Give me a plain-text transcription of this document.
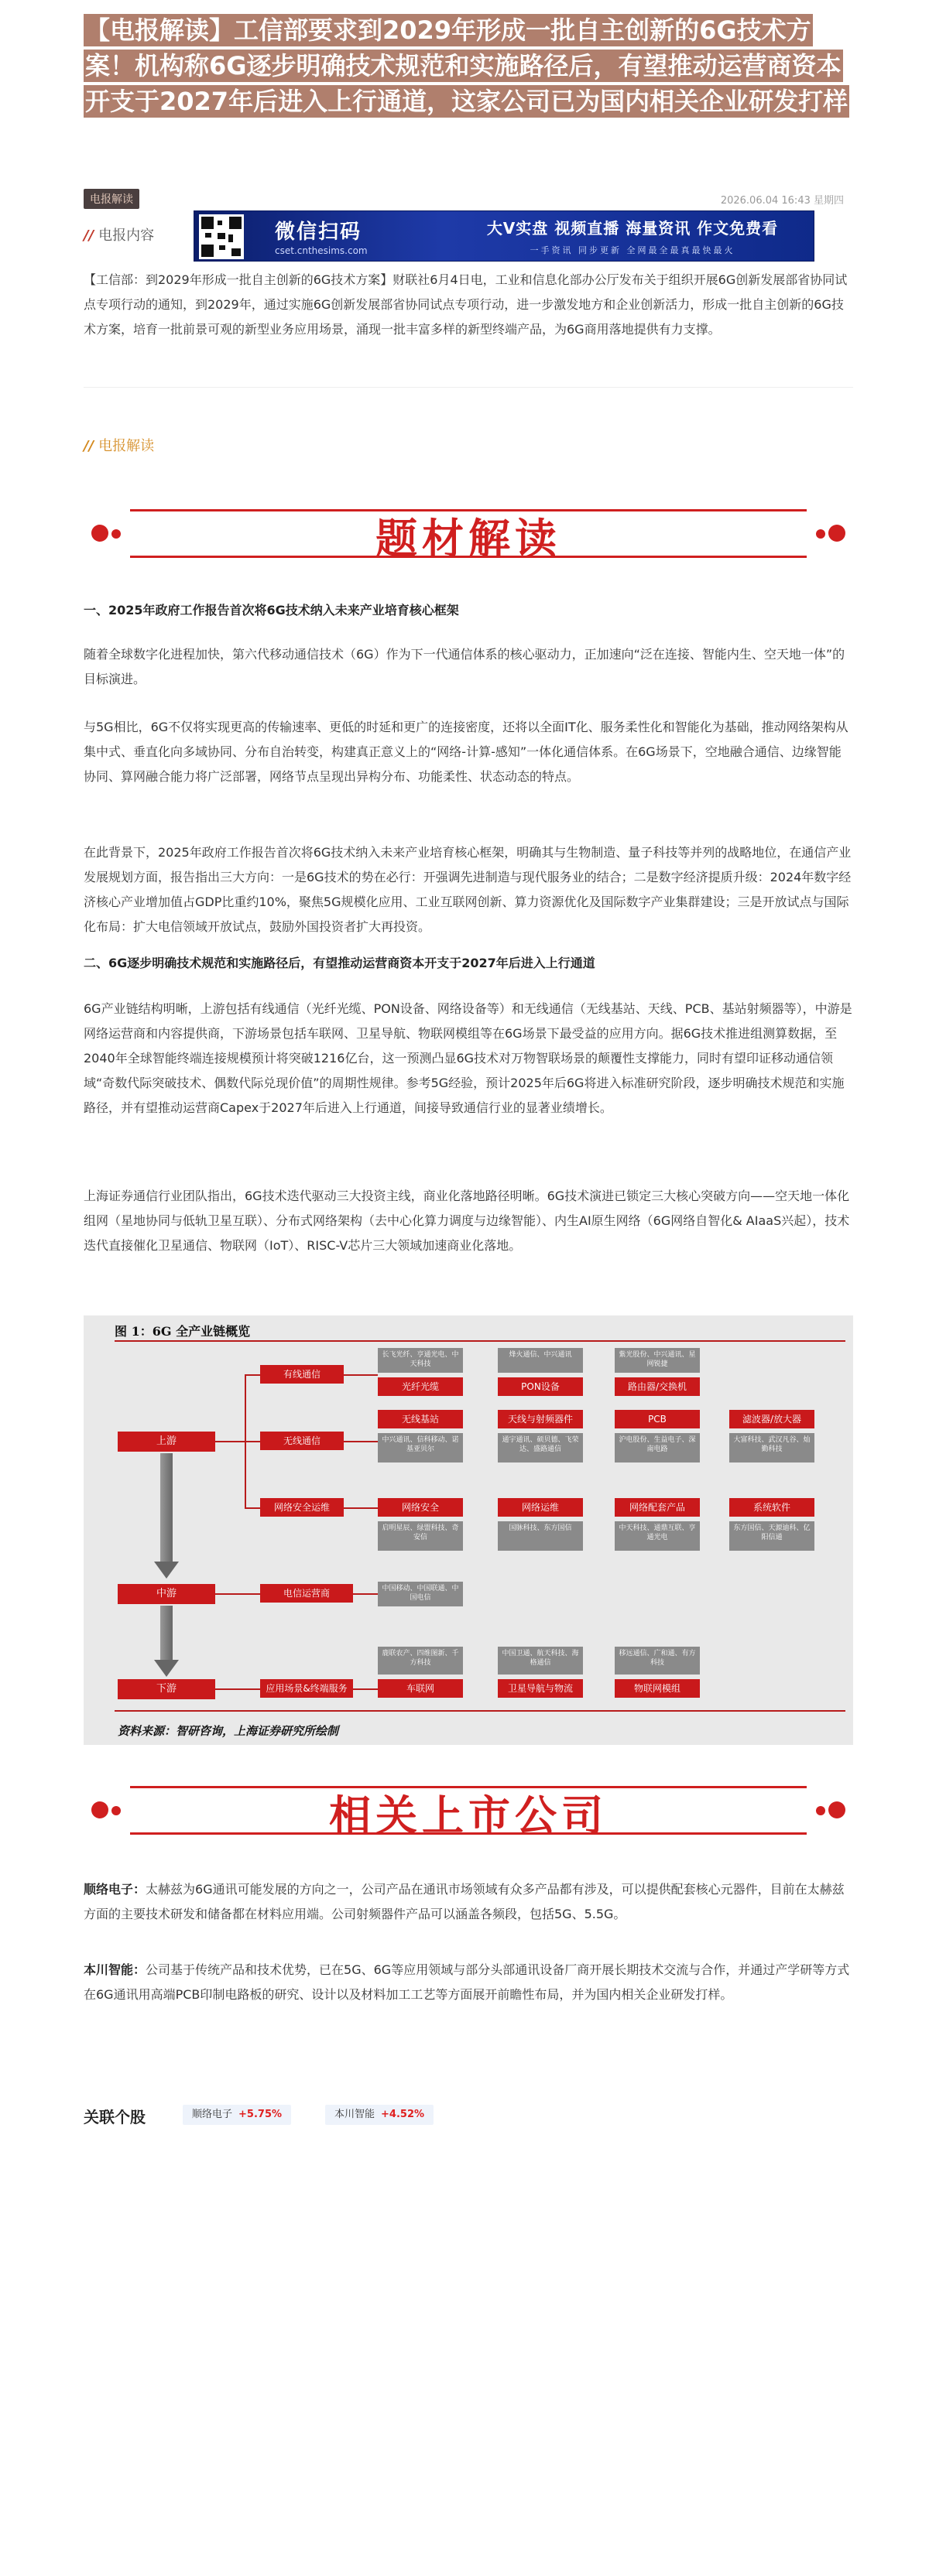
【电报解读】工信部要求到2029年形成一批自主创新的6G技术方案！机构称6G逐步明确技术规范和实施路径后，有望推动运营商资本开支于2027年后进入上行通道，这家公司已为国内相关企业研发打样
电报解读	2026.06.04 16:43 星期四
// 电报内容	微信扫码
cset.cnthesims.com
大V实盘 视频直播 海量资讯 作文免费看
一手资讯 同步更新 全网最全最真最快最火

【工信部：到2029年形成一批自主创新的6G技术方案】财联社6月4日电，工业和信息化部办公厅发布关于组织开展6G创新发展部省协同试点专项行动的通知，到2029年，通过实施6G创新发展部省协同试点专项行动，进一步激发地方和企业创新活力，形成一批自主创新的6G技术方案，培育一批前景可观的新型业务应用场景，涌现一批丰富多样的新型终端产品，为6G商用落地提供有力支撑。

// 电报解读
题材解读
一、2025年政府工作报告首次将6G技术纳入未来产业培育核心框架

随着全球数字化进程加快，第六代移动通信技术（6G）作为下一代通信体系的核心驱动力，正加速向“泛在连接、智能内生、空天地一体”的目标演进。

与5G相比，6G不仅将实现更高的传输速率、更低的时延和更广的连接密度，还将以全面IT化、服务柔性化和智能化为基础，推动网络架构从集中式、垂直化向多域协同、分布自治转变，构建真正意义上的“网络-计算-感知”一体化通信体系。在6G场景下，空地融合通信、边缘智能协同、算网融合能力将广泛部署，网络节点呈现出异构分布、功能柔性、状态动态的特点。

在此背景下，2025年政府工作报告首次将6G技术纳入未来产业培育核心框架，明确其与生物制造、量子科技等并列的战略地位，在通信产业发展规划方面，报告指出三大方向：一是6G技术的势在必行：开强调先进制造与现代服务业的结合；二是数字经济提质升级：2024年数字经济核心产业增加值占GDP比重约10%，聚焦5G规模化应用、工业互联网创新、算力资源优化及国际数字产业集群建设；三是开放试点与国际化布局：扩大电信领域开放试点，鼓励外国投资者扩大再投资。

二、6G逐步明确技术规范和实施路径后，有望推动运营商资本开支于2027年后进入上行通道

6G产业链结构明晰，上游包括有线通信（光纤光缆、PON设备、网络设备等）和无线通信（无线基站、天线、PCB、基站射频器等），中游是网络运营商和内容提供商，下游场景包括车联网、卫星导航、物联网模组等在6G场景下最受益的应用方向。据6G技术推进组测算数据，至2040年全球智能终端连接规模预计将突破1216亿台，这一预测凸显6G技术对万物智联场景的颠覆性支撑能力，同时有望印证移动通信领域“奇数代际突破技术、偶数代际兑现价值”的周期性规律。参考5G经验，预计2025年后6G将进入标准研究阶段，逐步明确技术规范和实施路径，并有望推动运营商Capex于2027年后进入上行通道，间接导致通信行业的显著业绩增长。

上海证券通信行业团队指出，6G技术迭代驱动三大投资主线，商业化落地路径明晰。6G技术演进已锁定三大核心突破方向——空天地一体化组网（星地协同与低轨卫星互联）、分布式网络架构（去中心化算力调度与边缘智能）、内生AI原生网络（6G网络自智化& AIaaS兴起），技术迭代直接催化卫星通信、物联网（IoT）、RISC-V芯片三大领域加速商业化落地。

图 1：6G 全产业链概览
上游
中游
下游
有线通信
无线通信
网络安全运维
电信运营商
应用场景&终端服务
长飞光纤、亨通光电、中天科技
烽火通信、中兴通讯	紫光股份、中兴通讯、星网锐捷
光纤光缆	PON设备	路由器/交换机
无线基站	天线与射频器件	PCB	滤波器/放大器
中兴通讯、信科移动、诺基亚贝尔
通宇通讯、硕贝德、飞荣达、盛路通信
沪电股份、生益电子、深南电路
大富科技、武汉凡谷、灿勤科技
网络安全	网络运维	网络配套产品	系统软件
启明星辰、绿盟科技、奇安信
国脉科技、东方国信	中天科技、通鼎互联、亨通光电
东方国信、天源迪科、亿阳信通
中国移动、中国联通、中国电信
鹿联农产、四维图新、千方科技
中国卫通、航天科技、海格通信
移远通信、广和通、有方科技
车联网	卫星导航与物流	物联网模组
资料来源：智研咨询，上海证券研究所绘制
相关上市公司

顺络电子：太赫兹为6G通讯可能发展的方向之一，公司产品在通讯市场领域有众多产品都有涉及，可以提供配套核心元器件，目前在太赫兹方面的主要技术研发和储备都在材料应用端。公司射频器件产品可以涵盖各频段，包括5G、5.5G。

本川智能：公司基于传统产品和技术优势，已在5G、6G等应用领域与部分头部通讯设备厂商开展长期技术交流与合作，并通过产学研等方式在6G通讯用高端PCB印制电路板的研究、设计以及材料加工工艺等方面展开前瞻性布局，并为国内相关企业研发打样。

关联个股	顺络电子 +5.75%	本川智能 +4.52%
